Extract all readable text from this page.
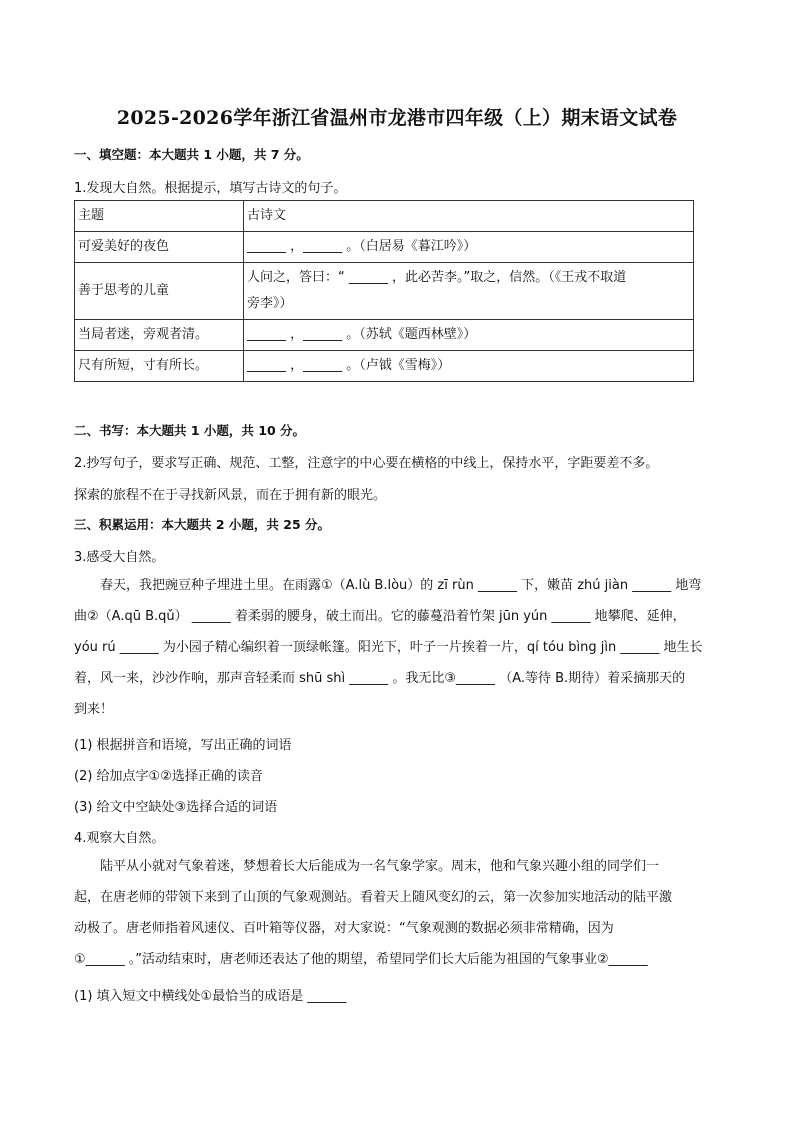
2025-2026学年浙江省温州市龙港市四年级（上）期末语文试卷
一、填空题：本大题共 1 小题，共 7 分。
1.发现大自然。根据提示，填写古诗文的句子。
主题	古诗文
可爱美好的夜色	______ ，______ 。（白居易《暮江吟》）
善于思考的儿童	人问之，答曰：“ ______ ，此必苦李。”取之，信然。（《王戎不取道
旁李》）

当局者迷，旁观者清。	______ ，______ 。（苏轼《题西林壁》）
尺有所短，寸有所长。	______ ，______ 。（卢钺《雪梅》）
二、书写：本大题共 1 小题，共 10 分。
2.抄写句子，要求写正确、规范、工整，注意字的中心要在横格的中线上，保持水平，字距要差不多。
探索的旅程不在于寻找新风景，而在于拥有新的眼光。
三、积累运用：本大题共 2 小题，共 25 分。
3.感受大自然。
春天，我把豌豆种子埋进土里。在雨露①（A.lù B.lòu）的 zī rùn ______ 下，嫩苗 zhú jiàn ______ 地弯
曲②（A.qū B.qǔ） ______ 着柔弱的腰身，破土而出。它的藤蔓沿着竹架 jūn yún ______ 地攀爬、延伸，
yóu rú ______ 为小园子精心编织着一顶绿帐篷。阳光下，叶子一片挨着一片，qí tóu bìng jìn ______ 地生长
着，风一来，沙沙作响，那声音轻柔而 shū shì ______ 。我无比③______ （A.等待 B.期待）着采摘那天的
到来！
(1) 根据拼音和语境，写出正确的词语
(2) 给加点字①②选择正确的读音
(3) 给文中空缺处③选择合适的词语
4.观察大自然。
陆平从小就对气象着迷，梦想着长大后能成为一名气象学家。周末，他和气象兴趣小组的同学们一
起，在唐老师的带领下来到了山顶的气象观测站。看着天上随风变幻的云，第一次参加实地活动的陆平激
动极了。唐老师指着风速仪、百叶箱等仪器，对大家说：“气象观测的数据必须非常精确，因为
①______ 。”活动结束时，唐老师还表达了他的期望，希望同学们长大后能为祖国的气象事业②______
(1) 填入短文中横线处①最恰当的成语是 ______
